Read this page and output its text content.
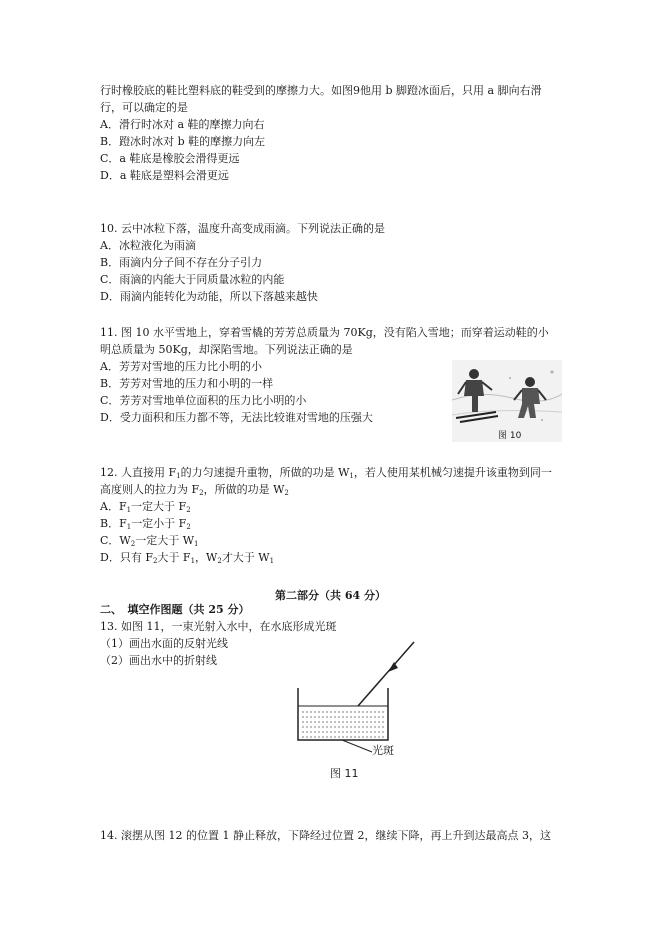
行时橡胶底的鞋比塑料底的鞋受到的摩擦力大。如图9他用 b 脚蹬冰面后，只用 a 脚向右滑
行，可以确定的是
A．滑行时冰对 a 鞋的摩擦力向右
B．蹬冰时冰对 b 鞋的摩擦力向左
C．a 鞋底是橡胶会滑得更远
D．a 鞋底是塑料会滑更远
10. 云中冰粒下落，温度升高变成雨滴。下列说法正确的是
A．冰粒液化为雨滴
B．雨滴内分子间不存在分子引力
C．雨滴的内能大于同质量冰粒的内能
D．雨滴内能转化为动能，所以下落越来越快
11. 图 10 水平雪地上，穿着雪橇的芳芳总质量为 70Kg，没有陷入雪地；而穿着运动鞋的小
明总质量为 50Kg，却深陷雪地。下列说法正确的是
A．芳芳对雪地的压力比小明的小
B．芳芳对雪地的压力和小明的一样
C．芳芳对雪地单位面积的压力比小明的小
D．受力面积和压力都不等，无法比较谁对雪地的压强大
图 10
12. 人直接用 $F_1$的力匀速提升重物，所做的功是 $W_1$，若人使用某机械匀速提升该重物到同一
高度则人的拉力为 $F_2$，所做的功是 $W_2$
A．$F_1$一定大于 $F_2$
B．$F_1$一定小于 $F_2$
C．$W_2$一定大于 $W_1$
D．只有 $F_2$大于 $F_1$，$W_2$才大于 $W_1$
第二部分（共 64 分）
二、　填空作图题（共 25 分）
13. 如图 11，一束光射入水中，在水底形成光斑
（1）画出水面的反射光线
（2）画出水中的折射线
光斑
图 11
14. 滚摆从图 12 的位置 1 静止释放，下降经过位置 2，继续下降，再上升到达最高点 3，这
